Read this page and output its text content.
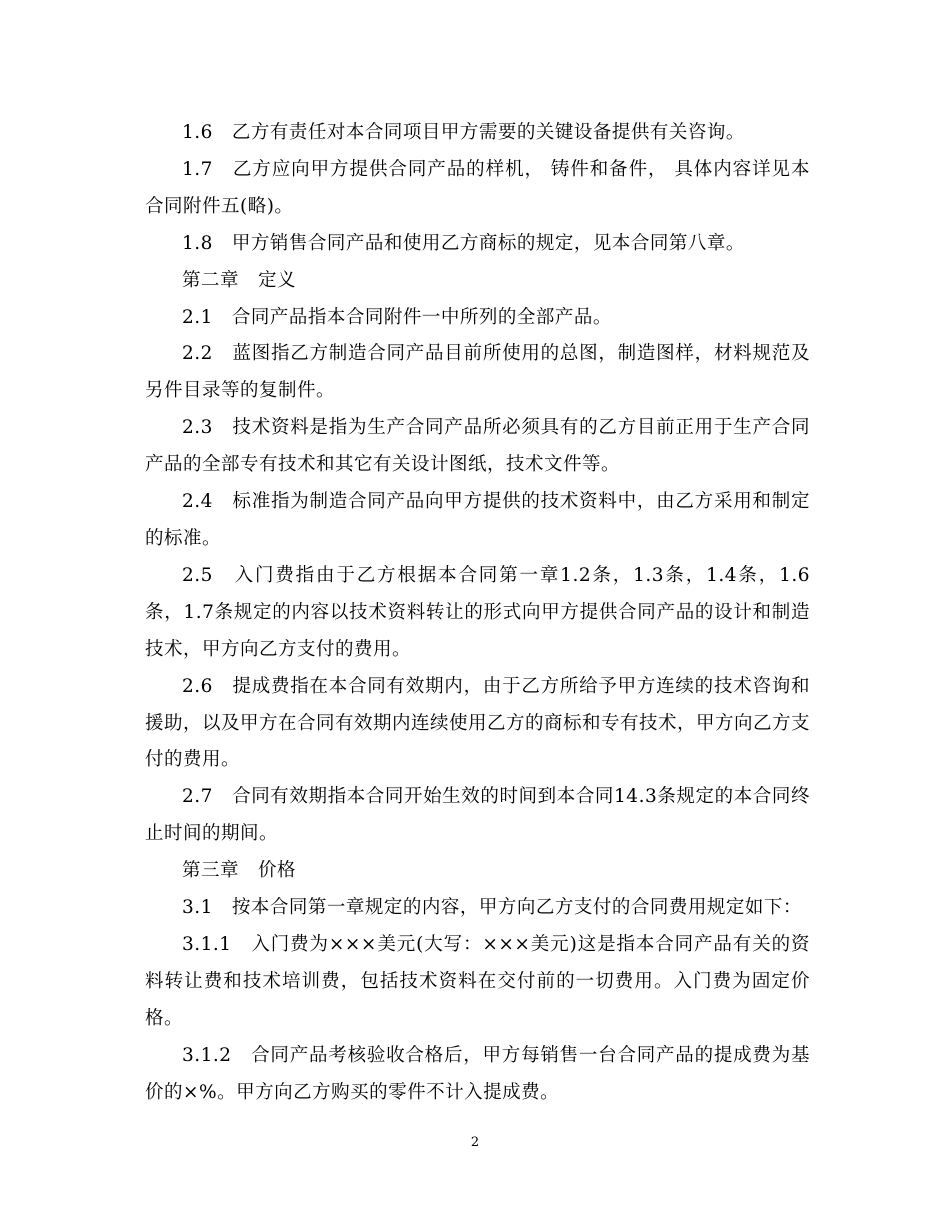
1.6　乙方有责任对本合同项目甲方需要的关键设备提供有关咨询。

1.7　乙方应向甲方提供合同产品的样机， 铸件和备件， 具体内容详见本合同附件五(略)。

1.8　甲方销售合同产品和使用乙方商标的规定，见本合同第八章。

第二章　定义

2.1　合同产品指本合同附件一中所列的全部产品。

2.2　蓝图指乙方制造合同产品目前所使用的总图，制造图样，材料规范及另件目录等的复制件。

2.3　技术资料是指为生产合同产品所必须具有的乙方目前正用于生产合同产品的全部专有技术和其它有关设计图纸，技术文件等。

2.4　标准指为制造合同产品向甲方提供的技术资料中，由乙方采用和制定的标准。

2.5　入门费指由于乙方根据本合同第一章1.2条，1.3条，1.4条，1.6条，1.7条规定的内容以技术资料转让的形式向甲方提供合同产品的设计和制造技术，甲方向乙方支付的费用。

2.6　提成费指在本合同有效期内，由于乙方所给予甲方连续的技术咨询和援助，以及甲方在合同有效期内连续使用乙方的商标和专有技术，甲方向乙方支付的费用。

2.7　合同有效期指本合同开始生效的时间到本合同14.3条规定的本合同终止时间的期间。

第三章　价格

3.1　按本合同第一章规定的内容，甲方向乙方支付的合同费用规定如下：

3.1.1　入门费为×××美元(大写：×××美元)这是指本合同产品有关的资料转让费和技术培训费，包括技术资料在交付前的一切费用。入门费为固定价格。

3.1.2　合同产品考核验收合格后，甲方每销售一台合同产品的提成费为基价的×%。甲方向乙方购买的零件不计入提成费。

2
